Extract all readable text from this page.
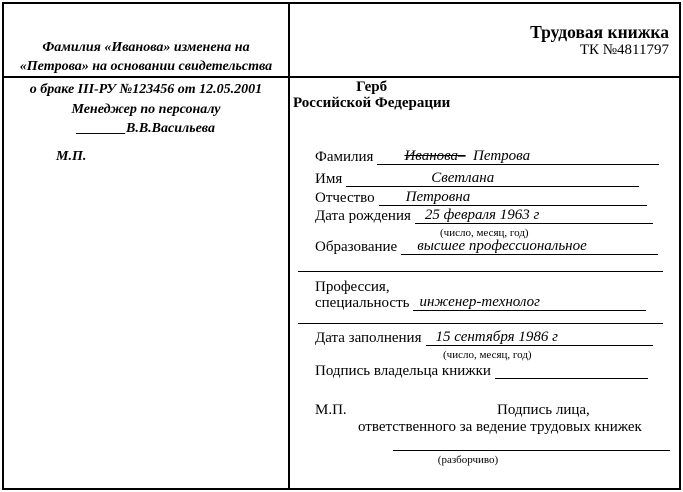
Фамилия «Иванова» изменена на
«Петрова» на основании свидетельства
Трудовая книжка
ТК №4811797
о браке III-РУ №123456 от 12.05.2001
Менеджер по персоналу
_______В.В.Васильева
М.П.
Герб
Российской Федерации
Фамилия	Иванова– Петрова
Имя	Светлана
Отчество	Петровна
Дата рождения 25 февраля 1963 г
(число, месяц, год)
Образование	высшее профессиональное
Профессия,
специальность инженер-технолог
Дата заполнения 15 сентября 1986 г
(число, месяц, год)
Подпись владельца книжки
М.П.	Подпись лица,
ответственного за ведение трудовых книжек
(разборчиво)
